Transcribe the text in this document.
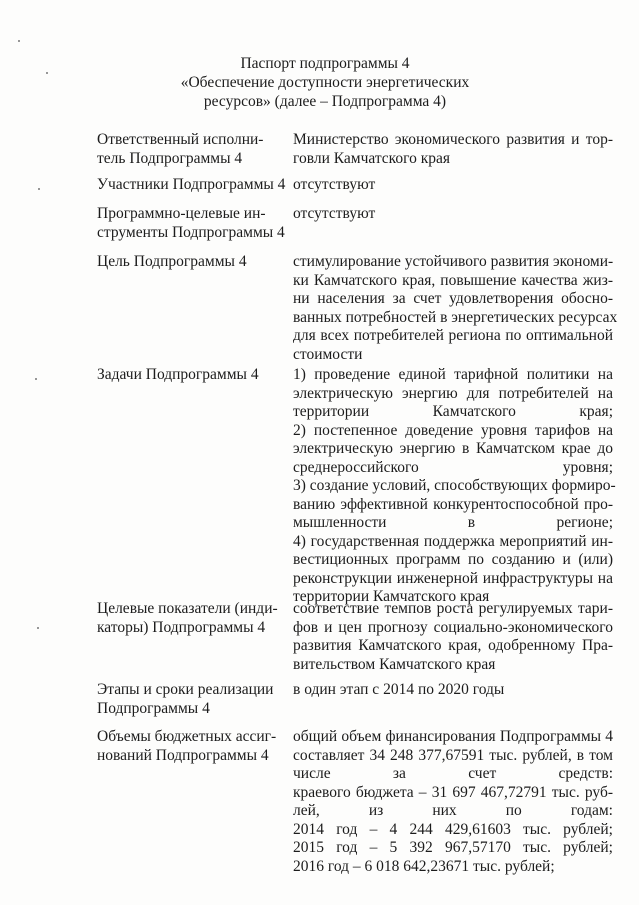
Паспорт подпрограммы 4
«Обеспечение доступности энергетических
ресурсов» (далее – Подпрограмма 4)
Ответственный исполни-
тель Подпрограммы 4
Министерство экономического развития и тор-
говли Камчатского края
Участники Подпрограммы 4 отсутствуют
Программно-целевые ин-
струменты Подпрограммы 4
отсутствуют
Цель Подпрограммы 4	стимулирование устойчивого развития экономи-
ки Камчатского края, повышение качества жиз-
ни населения за счет удовлетворения обосно-
ванных потребностей в энергетических ресурсах
для всех потребителей региона по оптимальной
стоимости
Задачи Подпрограммы 4	1) проведение единой тарифной политики на
электрическую энергию для потребителей на
территории Камчатского края;
2) постепенное доведение уровня тарифов на
электрическую энергию в Камчатском крае до
среднероссийского уровня;
3) создание условий, способствующих формиро-
ванию эффективной конкурентоспособной про-
мышленности в регионе;
4) государственная поддержка мероприятий ин-
вестиционных программ по созданию и (или)
реконструкции инженерной инфраструктуры на
территории Камчатского края
Целевые показатели (инди-
каторы) Подпрограммы 4
соответствие темпов роста регулируемых тари-
фов и цен прогнозу социально-экономического
развития Камчатского края, одобренному Пра-
вительством Камчатского края
Этапы и сроки реализации
Подпрограммы 4
в один этап с 2014 по 2020 годы
Объемы бюджетных ассиг-
нований Подпрограммы 4
общий объем финансирования Подпрограммы 4
составляет 34 248 377,67591 тыс. рублей, в том
числе за счет средств:
краевого бюджета – 31 697 467,72791 тыс. руб-
лей, из них по годам:
2014 год – 4 244 429,61603 тыс. рублей;
2015 год – 5 392 967,57170 тыс. рублей;
2016 год – 6 018 642,23671 тыс. рублей;
